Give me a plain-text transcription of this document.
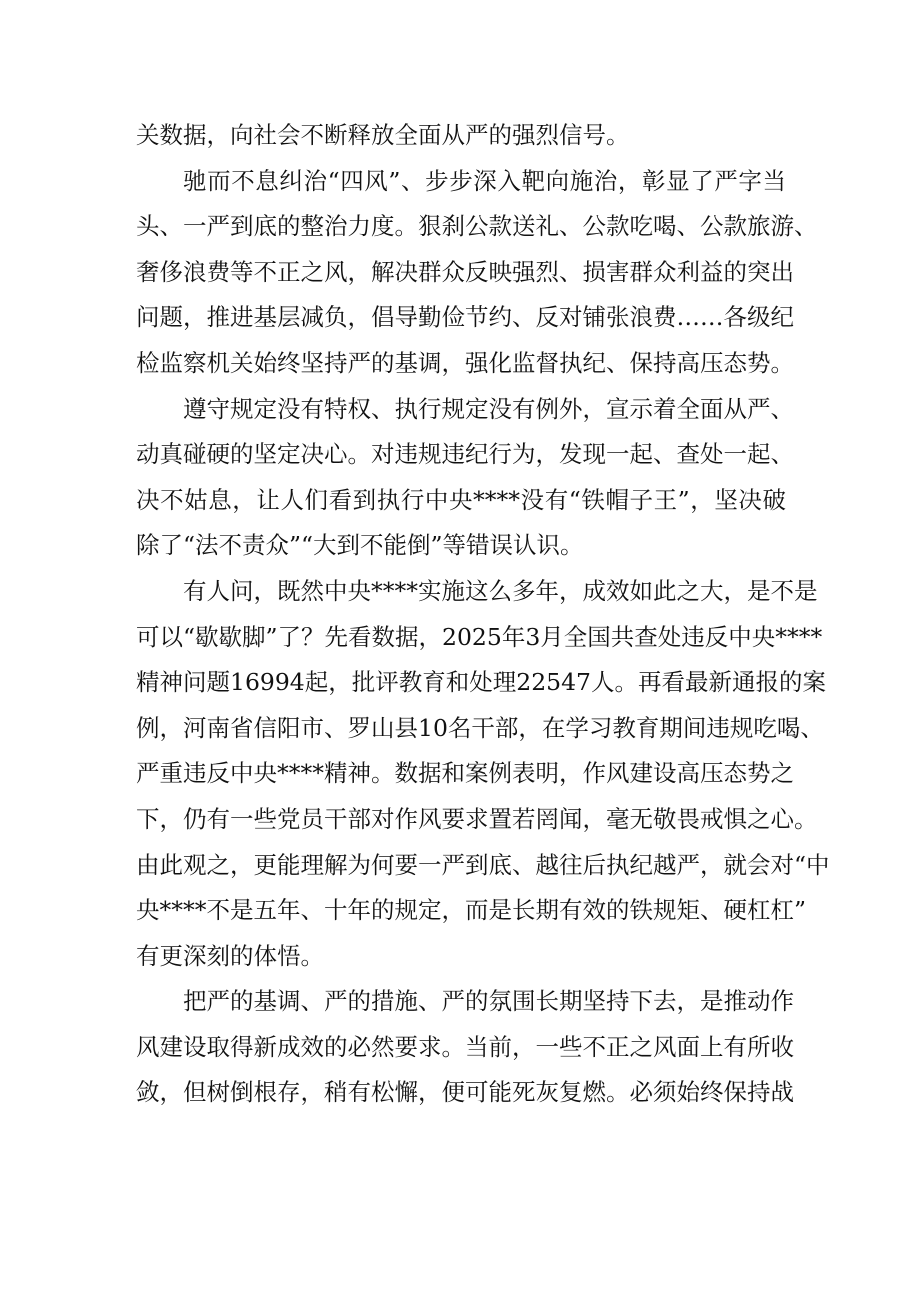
关数据，向社会不断释放全面从严的强烈信号。
驰而不息纠治“四风”、步步深入靶向施治，彰显了严字当
头、一严到底的整治力度。狠刹公款送礼、公款吃喝、公款旅游、
奢侈浪费等不正之风，解决群众反映强烈、损害群众利益的突出
问题，推进基层减负，倡导勤俭节约、反对铺张浪费……各级纪
检监察机关始终坚持严的基调，强化监督执纪、保持高压态势。
遵守规定没有特权、执行规定没有例外，宣示着全面从严、
动真碰硬的坚定决心。对违规违纪行为，发现一起、查处一起、
决不姑息，让人们看到执行中央****没有“铁帽子王”，坚决破
除了“法不责众”“大到不能倒”等错误认识。
有人问，既然中央****实施这么多年，成效如此之大，是不是
可以“歇歇脚”了？先看数据，2025年3月全国共查处违反中央****
精神问题16994起，批评教育和处理22547人。再看最新通报的案
例，河南省信阳市、罗山县10名干部，在学习教育期间违规吃喝、
严重违反中央****精神。数据和案例表明，作风建设高压态势之
下，仍有一些党员干部对作风要求置若罔闻，毫无敬畏戒惧之心。
由此观之，更能理解为何要一严到底、越往后执纪越严，就会对“中
央****不是五年、十年的规定，而是长期有效的铁规矩、硬杠杠”
有更深刻的体悟。
把严的基调、严的措施、严的氛围长期坚持下去，是推动作
风建设取得新成效的必然要求。当前，一些不正之风面上有所收
敛，但树倒根存，稍有松懈，便可能死灰复燃。必须始终保持战
